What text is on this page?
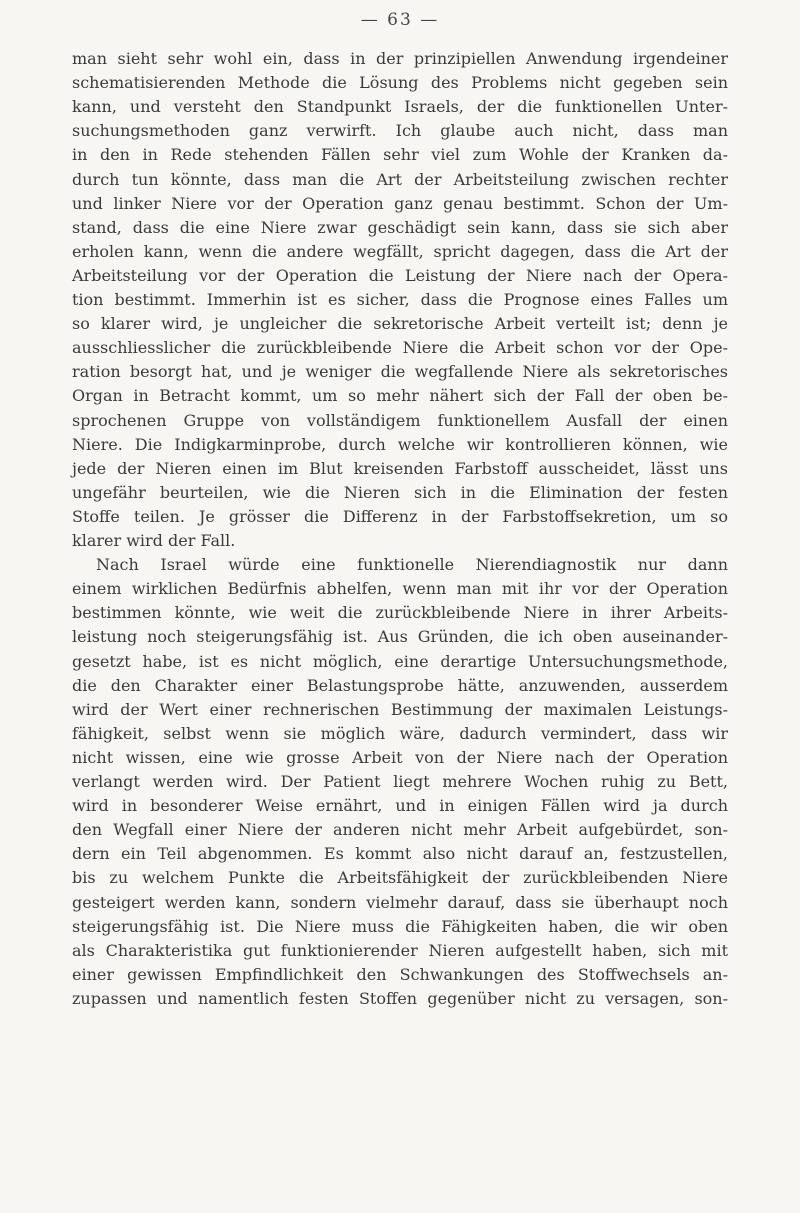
— 63 —
man sieht sehr wohl ein, dass in der prinzipiellen Anwendung irgendeiner
schematisierenden Methode die Lösung des Problems nicht gegeben sein
kann, und versteht den Standpunkt Israels, der die funktionellen Unter-
suchungsmethoden ganz verwirft. Ich glaube auch nicht, dass man
in den in Rede stehenden Fällen sehr viel zum Wohle der Kranken da-
durch tun könnte, dass man die Art der Arbeitsteilung zwischen rechter
und linker Niere vor der Operation ganz genau bestimmt. Schon der Um-
stand, dass die eine Niere zwar geschädigt sein kann, dass sie sich aber
erholen kann, wenn die andere wegfällt, spricht dagegen, dass die Art der
Arbeitsteilung vor der Operation die Leistung der Niere nach der Opera-
tion bestimmt. Immerhin ist es sicher, dass die Prognose eines Falles um
so klarer wird, je ungleicher die sekretorische Arbeit verteilt ist; denn je
ausschliesslicher die zurückbleibende Niere die Arbeit schon vor der Ope-
ration besorgt hat, und je weniger die wegfallende Niere als sekretorisches
Organ in Betracht kommt, um so mehr nähert sich der Fall der oben be-
sprochenen Gruppe von vollständigem funktionellem Ausfall der einen
Niere. Die Indigkarminprobe, durch welche wir kontrollieren können, wie
jede der Nieren einen im Blut kreisenden Farbstoff ausscheidet, lässt uns
ungefähr beurteilen, wie die Nieren sich in die Elimination der festen
Stoffe teilen. Je grösser die Differenz in der Farbstoffsekretion, um so
klarer wird der Fall.
Nach Israel würde eine funktionelle Nierendiagnostik nur dann
einem wirklichen Bedürfnis abhelfen, wenn man mit ihr vor der Operation
bestimmen könnte, wie weit die zurückbleibende Niere in ihrer Arbeits-
leistung noch steigerungsfähig ist. Aus Gründen, die ich oben auseinander-
gesetzt habe, ist es nicht möglich, eine derartige Untersuchungsmethode,
die den Charakter einer Belastungsprobe hätte, anzuwenden, ausserdem
wird der Wert einer rechnerischen Bestimmung der maximalen Leistungs-
fähigkeit, selbst wenn sie möglich wäre, dadurch vermindert, dass wir
nicht wissen, eine wie grosse Arbeit von der Niere nach der Operation
verlangt werden wird. Der Patient liegt mehrere Wochen ruhig zu Bett,
wird in besonderer Weise ernährt, und in einigen Fällen wird ja durch
den Wegfall einer Niere der anderen nicht mehr Arbeit aufgebürdet, son-
dern ein Teil abgenommen. Es kommt also nicht darauf an, festzustellen,
bis zu welchem Punkte die Arbeitsfähigkeit der zurückbleibenden Niere
gesteigert werden kann, sondern vielmehr darauf, dass sie überhaupt noch
steigerungsfähig ist. Die Niere muss die Fähigkeiten haben, die wir oben
als Charakteristika gut funktionierender Nieren aufgestellt haben, sich mit
einer gewissen Empfindlichkeit den Schwankungen des Stoffwechsels an-
zupassen und namentlich festen Stoffen gegenüber nicht zu versagen, son-
